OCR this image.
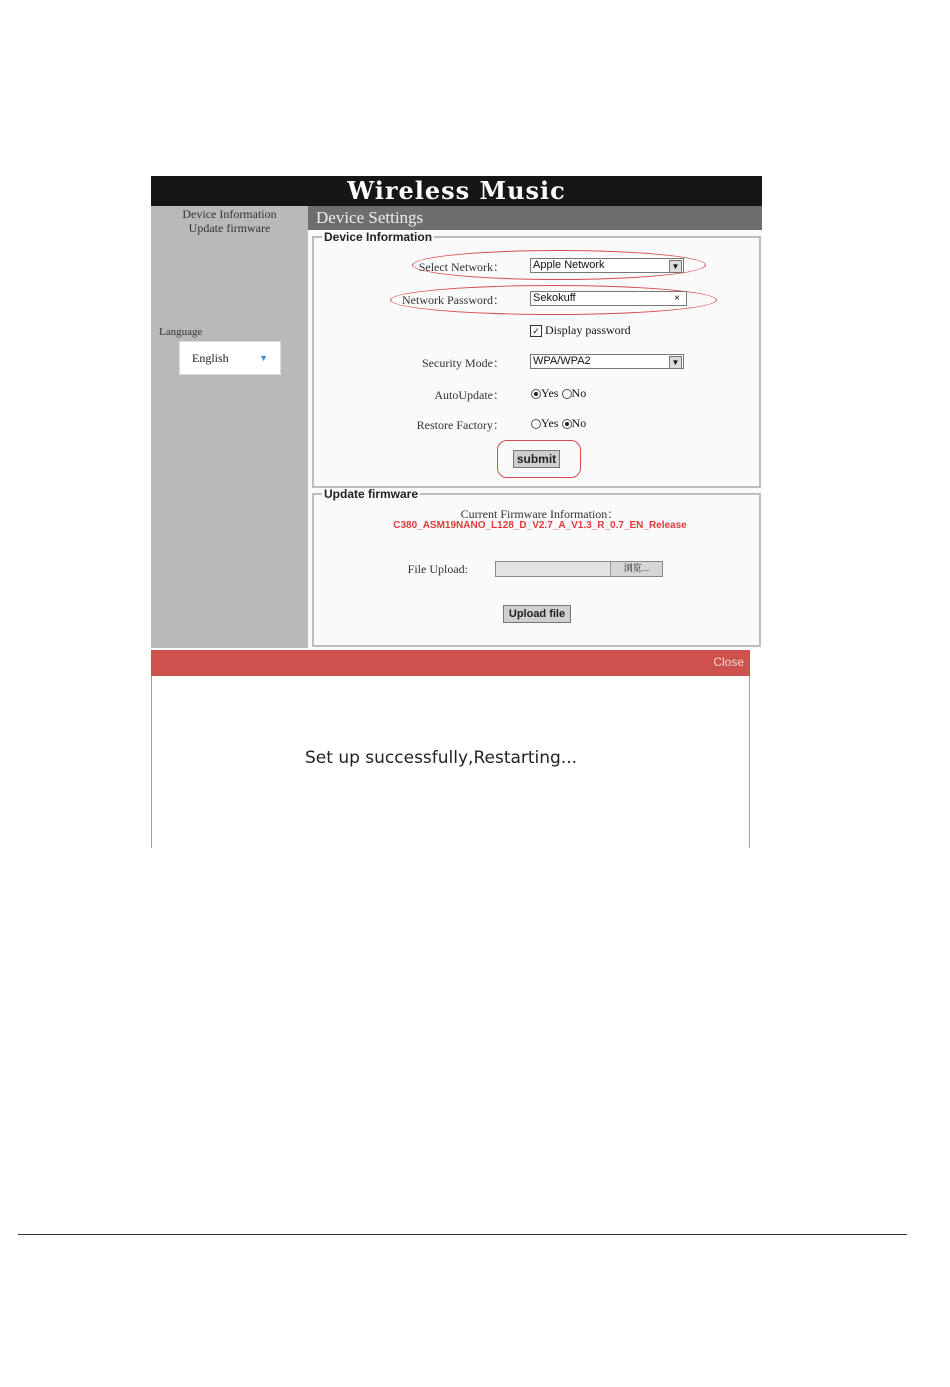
Wireless Music
Device Information
Update firmware
Language
English	▼
Device Settings
Device Information
Select Network：	Apple Network	▼
Network Password：	Sekokuff	×
✓ Display password
Security Mode：	WPA/WPA2	▼
AutoUpdate：	Yes No
Restore Factory：	Yes No
submit
Update firmware
Current Firmware Information：
C380_ASM19NANO_L128_D_V2.7_A_V1.3_R_0.7_EN_Release
File Upload:	浏览...
Upload file
Close
Set up successfully,Restarting...
